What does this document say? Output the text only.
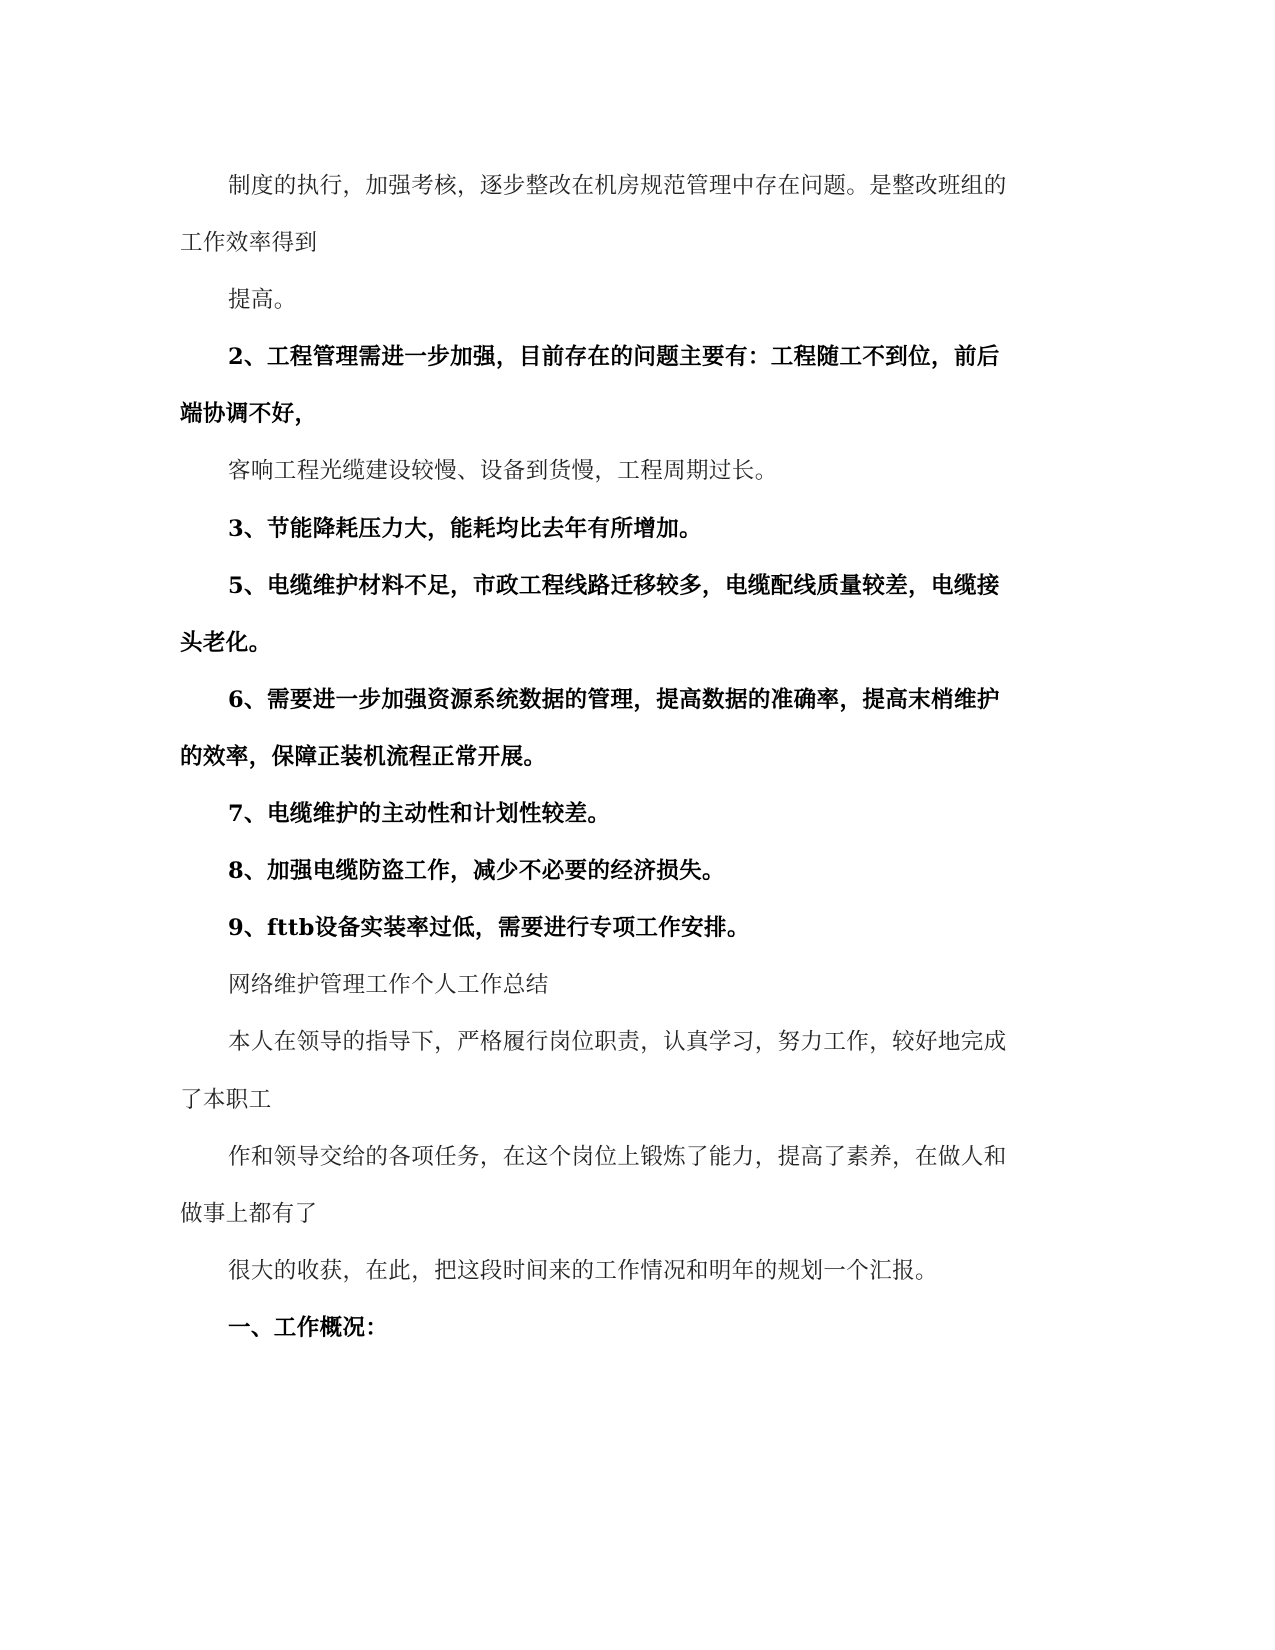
制度的执行，加强考核，逐步整改在机房规范管理中存在问题。是整改班组的
工作效率得到
提高。
2、工程管理需进一步加强，目前存在的问题主要有：工程随工不到位，前后
端协调不好，
客响工程光缆建设较慢、设备到货慢，工程周期过长。
3、节能降耗压力大，能耗均比去年有所增加。
5、电缆维护材料不足，市政工程线路迁移较多，电缆配线质量较差，电缆接
头老化。
6、需要进一步加强资源系统数据的管理，提高数据的准确率，提高末梢维护
的效率，保障正装机流程正常开展。
7、电缆维护的主动性和计划性较差。
8、加强电缆防盗工作，减少不必要的经济损失。
9、fttb设备实装率过低，需要进行专项工作安排。
网络维护管理工作个人工作总结
本人在领导的指导下，严格履行岗位职责，认真学习，努力工作，较好地完成
了本职工
作和领导交给的各项任务，在这个岗位上锻炼了能力，提高了素养，在做人和
做事上都有了
很大的收获，在此，把这段时间来的工作情况和明年的规划一个汇报。
一、工作概况：
